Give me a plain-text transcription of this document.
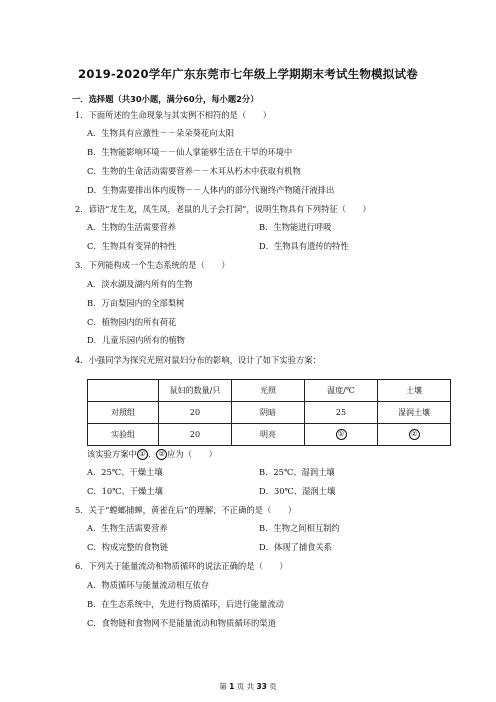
2019-2020学年广东东莞市七年级上学期期末考试生物模拟试卷
一．选择题（共30小题，满分60分，每小题2分）
1．下面所述的生命现象与其实例不相符的是（　　）
A．生物具有应激性－－朵朵葵花向太阳
B．生物能影响环境－－仙人掌能够生活在干旱的环境中
C．生物的生命活动需要营养－－木耳从朽木中获取有机物
D．生物需要排出体内废物－－人体内的部分代谢终产物随汗液排出
2．谚语“龙生龙，凤生凤，老鼠的儿子会打洞”，说明生物具有下列特征（　　）
A．生物的生活需要营养	B．生物能进行呼吸
C．生物具有变异的特性	D．生物具有遗传的特性
3．下列能构成一个生态系统的是（　　）
A．淡水湖及湖内所有的生物
B．万亩梨园内的全部梨树
C．植物园内的所有荷花
D．儿童乐园内所有的植物
4．小强同学为探究光照对鼠妇分布的影响，设计了如下实验方案：
	鼠妇的数量/只	光照	温度/℃	土壤
对照组	20	阴暗	25	湿润土壤
实验组	20	明亮	①	②
该实验方案中 ① 、 ② 应为（　　）
A．25℃、干燥土壤	B．25℃、湿润土壤
C．10℃、干燥土壤	D．30℃、湿润土壤
5．关于“螳螂捕蝉，黄雀在后”的理解，不正确的是（　　）
A．生物生活需要营养	B．生物之间相互制约
C．构成完整的食物链	D．体现了捕食关系
6．下列关于能量流动和物质循环的说法正确的是（　　）
A．物质循环与能量流动相互依存
B．在生态系统中，先进行物质循环，后进行能量流动
C．食物链和食物网不是能量流动和物质循环的渠道
第 1 页 共 33 页
